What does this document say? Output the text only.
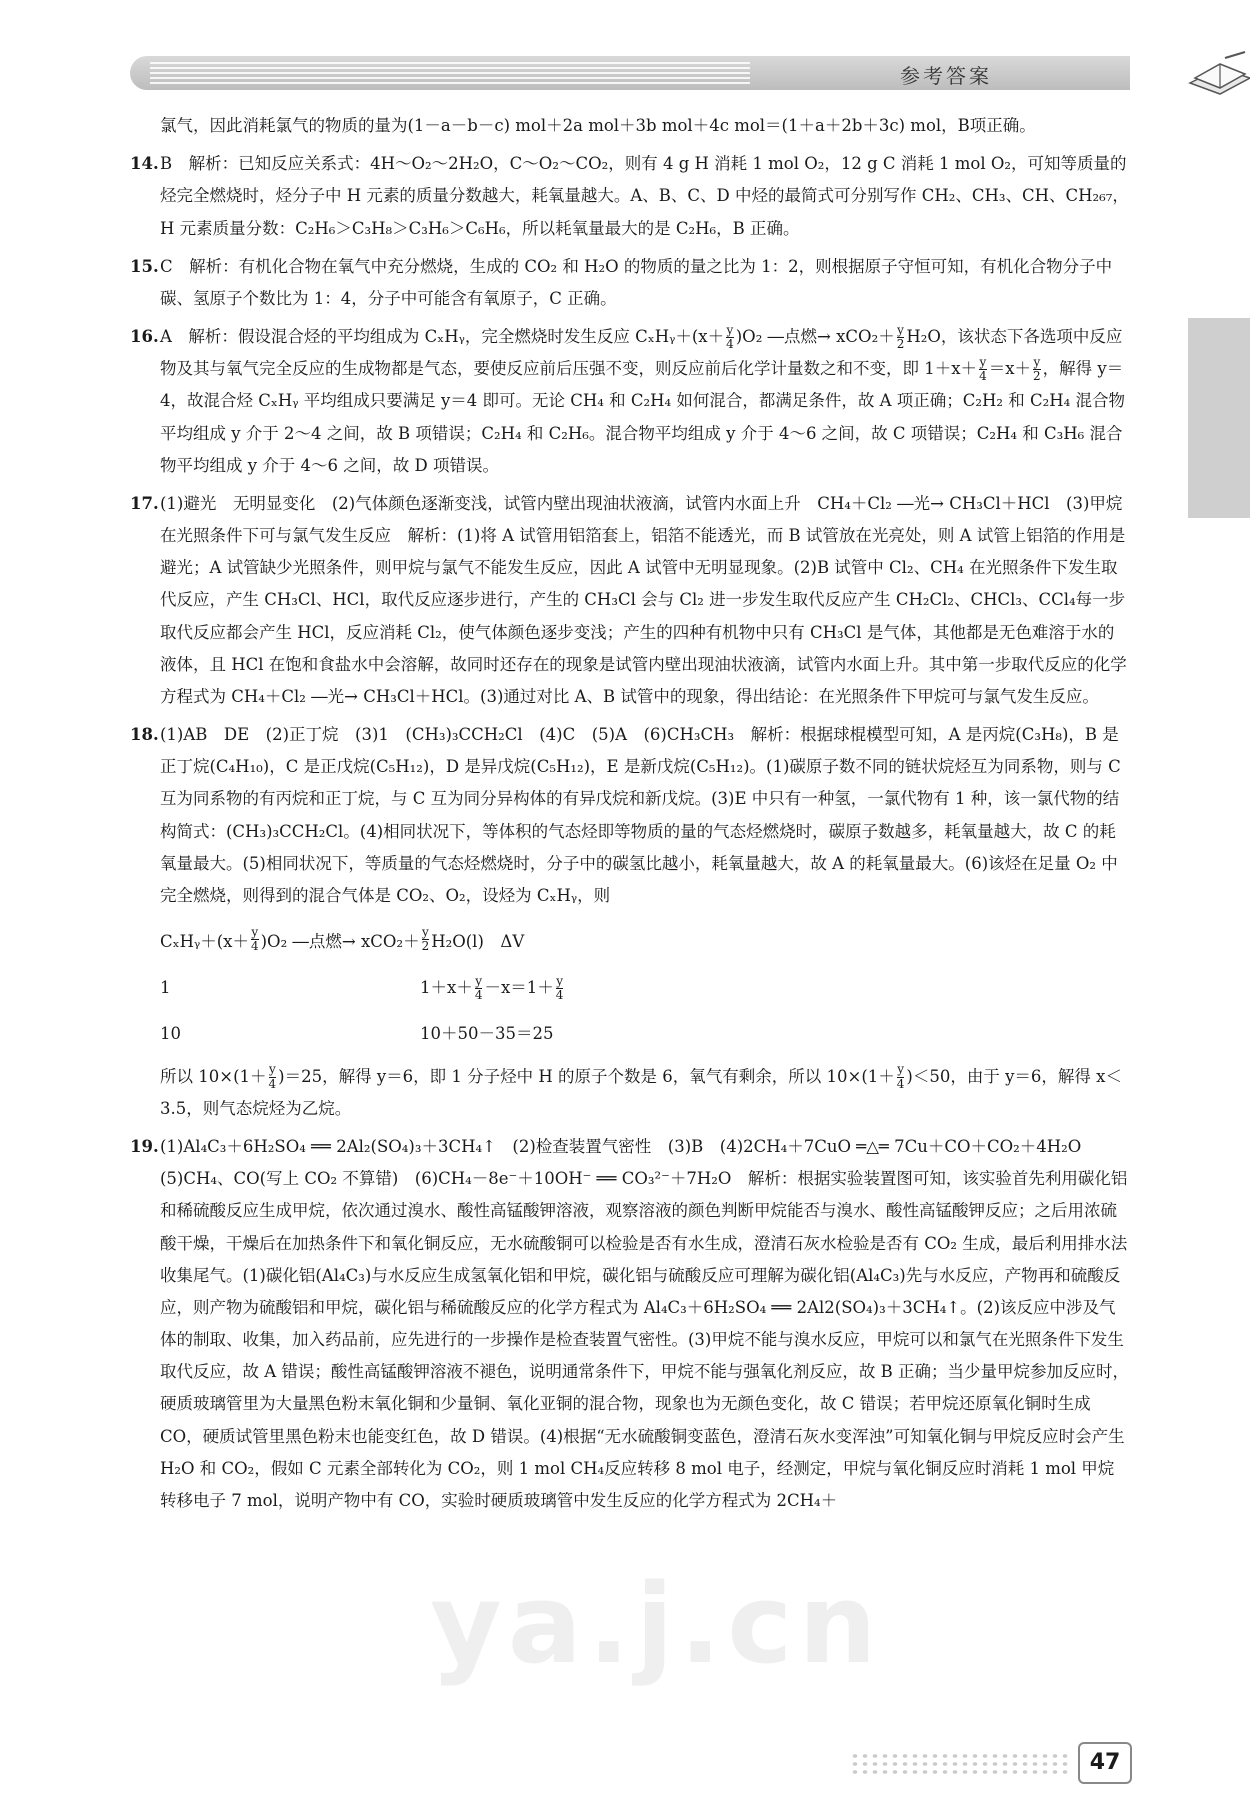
参考答案
氯气，因此消耗氯气的物质的量为(1－a－b－c) mol＋2a mol＋3b mol＋4c mol＝(1＋a＋2b＋3c) mol，B项正确。
14. B　解析：已知反应关系式：4H～O₂～2H₂O，C～O₂～CO₂，则有 4 g H 消耗 1 mol O₂，12 g C 消耗 1 mol O₂，可知等质量的烃完全燃烧时，烃分子中 H 元素的质量分数越大，耗氧量越大。A、B、C、D 中烃的最简式可分别写作 CH₂、CH₃、CH、CH₂₆₇，H 元素质量分数：C₂H₆＞C₃H₈＞C₃H₆＞C₆H₆，所以耗氧量最大的是 C₂H₆，B 正确。
15. C　解析：有机化合物在氧气中充分燃烧，生成的 CO₂ 和 H₂O 的物质的量之比为 1：2，则根据原子守恒可知，有机化合物分子中碳、氢原子个数比为 1：4，分子中可能含有氧原子，C 正确。
16. A　解析：假设混合烃的平均组成为 CₓHᵧ，完全燃烧时发生反应 CₓHᵧ＋(x＋ $\frac{y}{4} )O_2$ ―点燃→ $xCO_2+ \frac{y}{2} H_2O$，该状态下各选项中反应物及其与氧气完全反应的生成物都是气态，要使反应前后压强不变，则反应前后化学计量数之和不变，即 $1+x+ \frac{y}{4} =x+ \frac{y}{2}$ ，解得 y＝4，故混合烃 CₓHᵧ 平均组成只要满足 y＝4 即可。无论 CH₄ 和 C₂H₄ 如何混合，都满足条件，故 A 项正确；C₂H₂ 和 C₂H₄ 混合物平均组成 y 介于 2～4 之间，故 B 项错误；C₂H₄ 和 C₂H₆。混合物平均组成 y 介于 4～6 之间，故 C 项错误；C₂H₄ 和 C₃H₆ 混合物平均组成 y 介于 4～6 之间，故 D 项错误。
17. (1)避光　无明显变化　(2)气体颜色逐渐变浅，试管内壁出现油状液滴，试管内水面上升　CH₄＋Cl₂ ―光→ CH₃Cl＋HCl　(3)甲烷在光照条件下可与氯气发生反应　解析：(1)将 A 试管用铝箔套上，铝箔不能透光，而 B 试管放在光亮处，则 A 试管上铝箔的作用是避光；A 试管缺少光照条件，则甲烷与氯气不能发生反应，因此 A 试管中无明显现象。(2)B 试管中 Cl₂、CH₄ 在光照条件下发生取代反应，产生 CH₃Cl、HCl，取代反应逐步进行，产生的 CH₃Cl 会与 Cl₂ 进一步发生取代反应产生 CH₂Cl₂、CHCl₃、CCl₄每一步取代反应都会产生 HCl，反应消耗 Cl₂，使气体颜色逐步变浅；产生的四种有机物中只有 CH₃Cl 是气体，其他都是无色难溶于水的液体，且 HCl 在饱和食盐水中会溶解，故同时还存在的现象是试管内壁出现油状液滴，试管内水面上升。其中第一步取代反应的化学方程式为 CH₄＋Cl₂ ―光→ CH₃Cl＋HCl。(3)通过对比 A、B 试管中的现象，得出结论：在光照条件下甲烷可与氯气发生反应。
18. (1)AB　DE　(2)正丁烷　(3)1　(CH₃)₃CCH₂Cl　(4)C　(5)A　(6)CH₃CH₃　解析：根据球棍模型可知，A 是丙烷(C₃H₈)，B 是正丁烷(C₄H₁₀)，C 是正戊烷(C₅H₁₂)，D 是异戊烷(C₅H₁₂)，E 是新戊烷(C₅H₁₂)。(1)碳原子数不同的链状烷烃互为同系物，则与 C 互为同系物的有丙烷和正丁烷，与 C 互为同分异构体的有异戊烷和新戊烷。(3)E 中只有一种氢，一氯代物有 1 种，该一氯代物的结构简式：(CH₃)₃CCH₂Cl。(4)相同状况下，等体积的气态烃即等物质的量的气态烃燃烧时，碳原子数越多，耗氧量越大，故 C 的耗氧量最大。(5)相同状况下，等质量的气态烃燃烧时，分子中的碳氢比越小，耗氧量越大，故 A 的耗氧量最大。(6)该烃在足量 O₂ 中完全燃烧，则得到的混合气体是 CO₂、O₂，设烃为 CₓHᵧ，则
CₓHᵧ＋(x＋ $\frac{y}{4} )O_2$ ―点燃→ $xCO_2+ \frac{y}{2} H_2O(l)$　ΔV
1	$1+x+ \frac{y}{4} -x=1+ \frac{y}{4}$
10	10＋50－35＝25
所以 $10\times(1+ \frac{y}{4} )=25$，解得 y＝6，即 1 分子烃中 H 的原子个数是 6，氧气有剩余，所以 $10\times(1+ \frac{y}{4} )<50$，由于 y＝6，解得 x＜3.5，则气态烷烃为乙烷。
19. (1)Al₄C₃＋6H₂SO₄ ══ 2Al₂(SO₄)₃＋3CH₄↑　(2)检查装置气密性　(3)B　(4)2CH₄＋7CuO ═△═ 7Cu＋CO＋CO₂＋4H₂O　(5)CH₄、CO(写上 CO₂ 不算错)　(6)CH₄－8e⁻＋10OH⁻ ══ CO₃²⁻＋7H₂O　解析：根据实验装置图可知，该实验首先利用碳化铝和稀硫酸反应生成甲烷，依次通过溴水、酸性高锰酸钾溶液，观察溶液的颜色判断甲烷能否与溴水、酸性高锰酸钾反应；之后用浓硫酸干燥，干燥后在加热条件下和氧化铜反应，无水硫酸铜可以检验是否有水生成，澄清石灰水检验是否有 CO₂ 生成，最后利用排水法收集尾气。(1)碳化铝(Al₄C₃)与水反应生成氢氧化铝和甲烷，碳化铝与硫酸反应可理解为碳化铝(Al₄C₃)先与水反应，产物再和硫酸反应，则产物为硫酸铝和甲烷，碳化铝与稀硫酸反应的化学方程式为 Al₄C₃＋6H₂SO₄ ══ 2Al2(SO₄)₃＋3CH₄↑。(2)该反应中涉及气体的制取、收集，加入药品前，应先进行的一步操作是检查装置气密性。(3)甲烷不能与溴水反应，甲烷可以和氯气在光照条件下发生取代反应，故 A 错误；酸性高锰酸钾溶液不褪色，说明通常条件下，甲烷不能与强氧化剂反应，故 B 正确；当少量甲烷参加反应时，硬质玻璃管里为大量黑色粉末氧化铜和少量铜、氧化亚铜的混合物，现象也为无颜色变化，故 C 错误；若甲烷还原氧化铜时生成 CO，硬质试管里黑色粉末也能变红色，故 D 错误。(4)根据“无水硫酸铜变蓝色，澄清石灰水变浑浊”可知氧化铜与甲烷反应时会产生 H₂O 和 CO₂，假如 C 元素全部转化为 CO₂，则 1 mol CH₄反应转移 8 mol 电子，经测定，甲烷与氧化铜反应时消耗 1 mol 甲烷转移电子 7 mol，说明产物中有 CO，实验时硬质玻璃管中发生反应的化学方程式为 2CH₄＋
ya.j.cn
47
